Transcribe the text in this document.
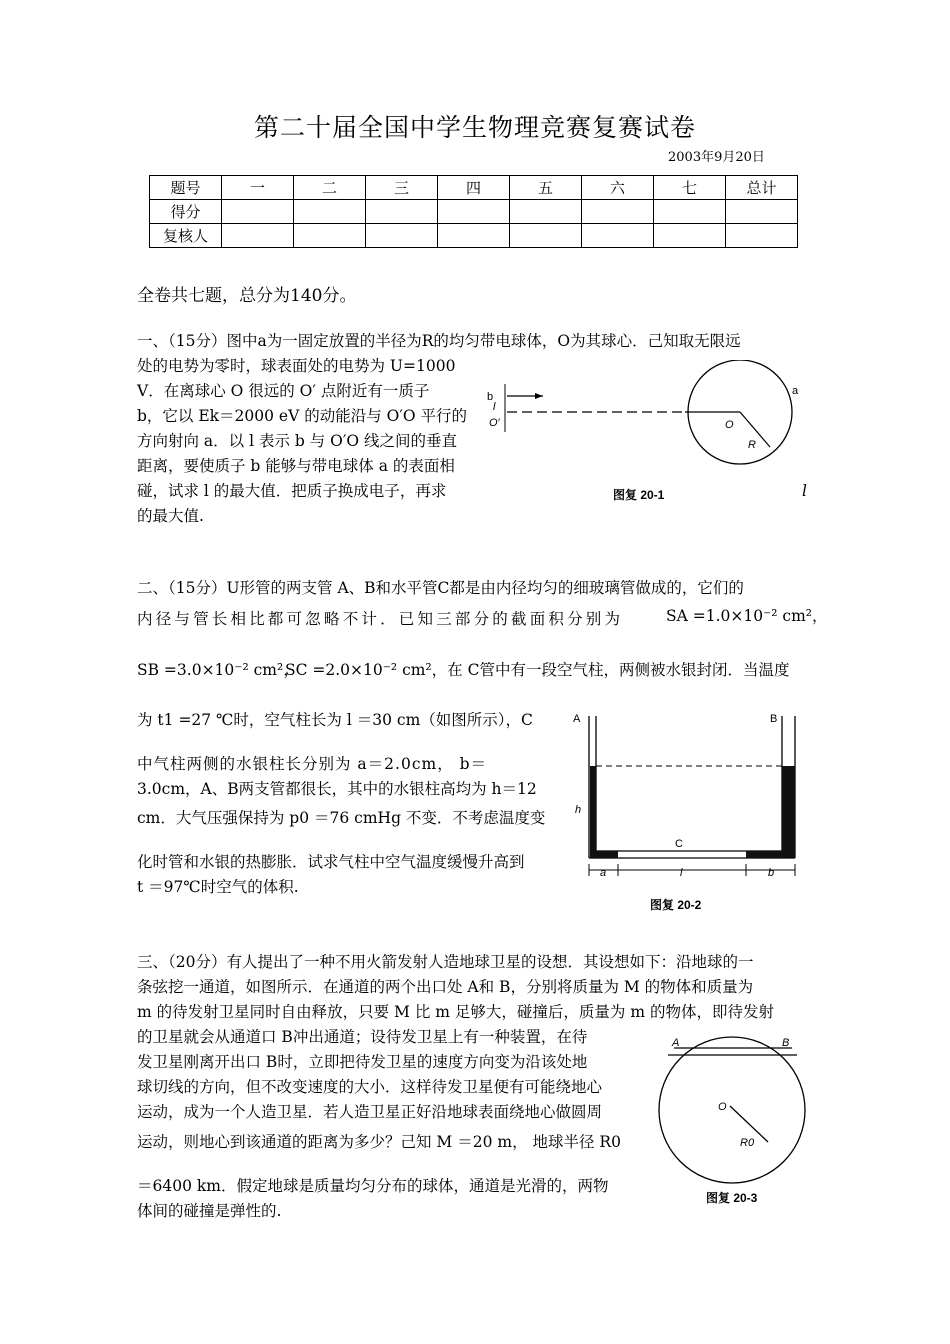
第二十届全国中学生物理竞赛复赛试卷
2003年9月20日
题号	一	二	三	四	五	六	七	总计
得分								
复核人								
全卷共七题，总分为140分。
一、（15分）图中a为一固定放置的半径为R的均匀带电球体，O为其球心．己知取无限远
处的电势为零时，球表面处的电势为 U=1000
V．在离球心 O 很远的 O′ 点附近有一质子
b，它以 Ek＝2000 eV 的动能沿与 O′O 平行的
方向射向 a．以 l 表示 b 与 O′O 线之间的垂直
距离，要使质子 b 能够与带电球体 a 的表面相
碰，试求 l 的最大值．把质子换成电子，再求
的最大值.
l
b
l
O′	O
R
a
图复 20-1
二、（15分）U形管的两支管 A、B和水平管C都是由内径均匀的细玻璃管做成的，它们的
内径与管长相比都可忽略不计．已知三部分的截面积分别为	SA =1.0×10⁻² cm²，
SB =3.0×10⁻² cm²，
SC =2.0×10⁻² cm²，在 C管中有一段空气柱，两侧被水银封闭．当温度
为 t1 =27 ℃时，空气柱长为 l ＝30 cm（如图所示），C
中气柱两侧的水银柱长分别为 a＝2.0cm， b＝
3.0cm，A、B两支管都很长，其中的水银柱高均为 h＝12
cm．大气压强保持为 p0 ＝76 cmHg 不变．不考虑温度变
化时管和水银的热膨胀．试求气柱中空气温度缓慢升高到
t ＝97℃时空气的体积.
A	B
C
h
a	l	b
图复 20-2
三、（20分）有人提出了一种不用火箭发射人造地球卫星的设想．其设想如下：沿地球的一
条弦挖一通道，如图所示．在通道的两个出口处 A和 B，分别将质量为 M 的物体和质量为
m 的待发射卫星同时自由释放，只要 M 比 m 足够大，碰撞后，质量为 m 的物体，即待发射
的卫星就会从通道口 B冲出通道；设待发卫星上有一种装置，在待
发卫星刚离开出口 B时，立即把待发卫星的速度方向变为沿该处地
球切线的方向，但不改变速度的大小．这样待发卫星便有可能绕地心
运动，成为一个人造卫星．若人造卫星正好沿地球表面绕地心做圆周
运动，则地心到该通道的距离为多少？己知 M ＝20 m， 地球半径 R0
＝6400 km．假定地球是质量均匀分布的球体，通道是光滑的，两物
体间的碰撞是弹性的.
A	B
O
R0
图复 20-3
